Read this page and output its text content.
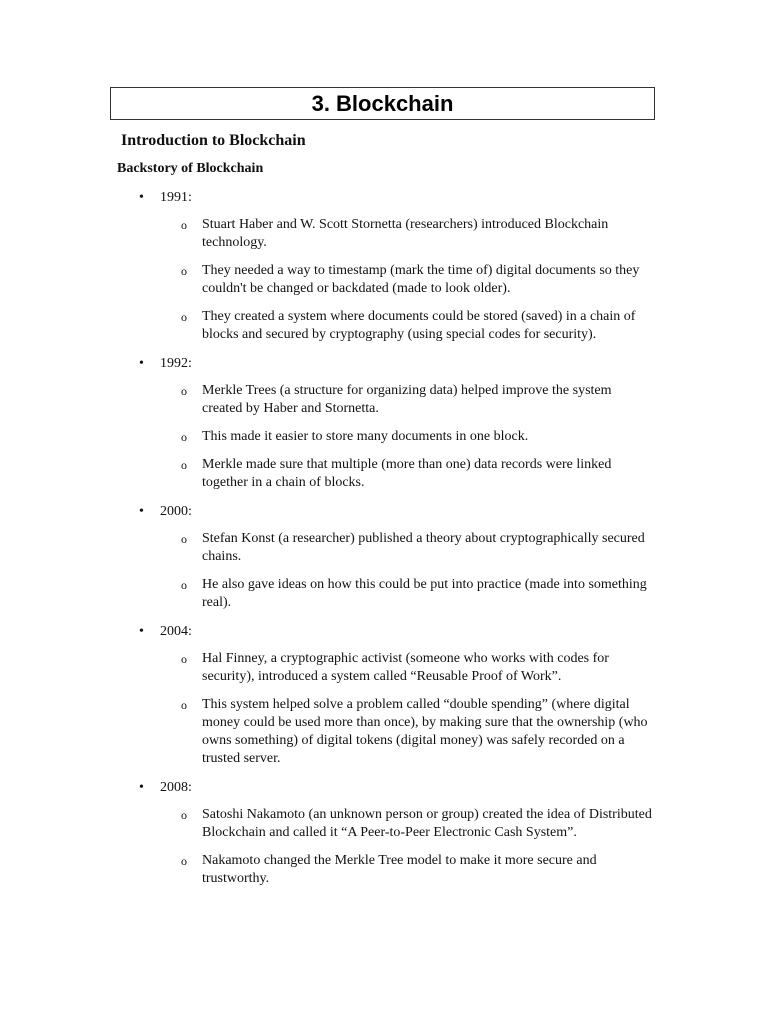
3. Blockchain
Introduction to Blockchain
Backstory of Blockchain
• 1991:
o Stuart Haber and W. Scott Stornetta (researchers) introduced Blockchain technology.
o They needed a way to timestamp (mark the time of) digital documents so they couldn't be changed or backdated (made to look older).
o They created a system where documents could be stored (saved) in a chain of blocks and secured by cryptography (using special codes for security).
• 1992:
o Merkle Trees (a structure for organizing data) helped improve the system created by Haber and Stornetta.
o This made it easier to store many documents in one block.
o Merkle made sure that multiple (more than one) data records were linked together in a chain of blocks.
• 2000:
o Stefan Konst (a researcher) published a theory about cryptographically secured chains.
o He also gave ideas on how this could be put into practice (made into something real).
• 2004:
o Hal Finney, a cryptographic activist (someone who works with codes for security), introduced a system called “Reusable Proof of Work”.
o This system helped solve a problem called “double spending” (where digital money could be used more than once), by making sure that the ownership (who owns something) of digital tokens (digital money) was safely recorded on a trusted server.
• 2008:
o Satoshi Nakamoto (an unknown person or group) created the idea of Distributed Blockchain and called it “A Peer-to-Peer Electronic Cash System”.
o Nakamoto changed the Merkle Tree model to make it more secure and trustworthy.
